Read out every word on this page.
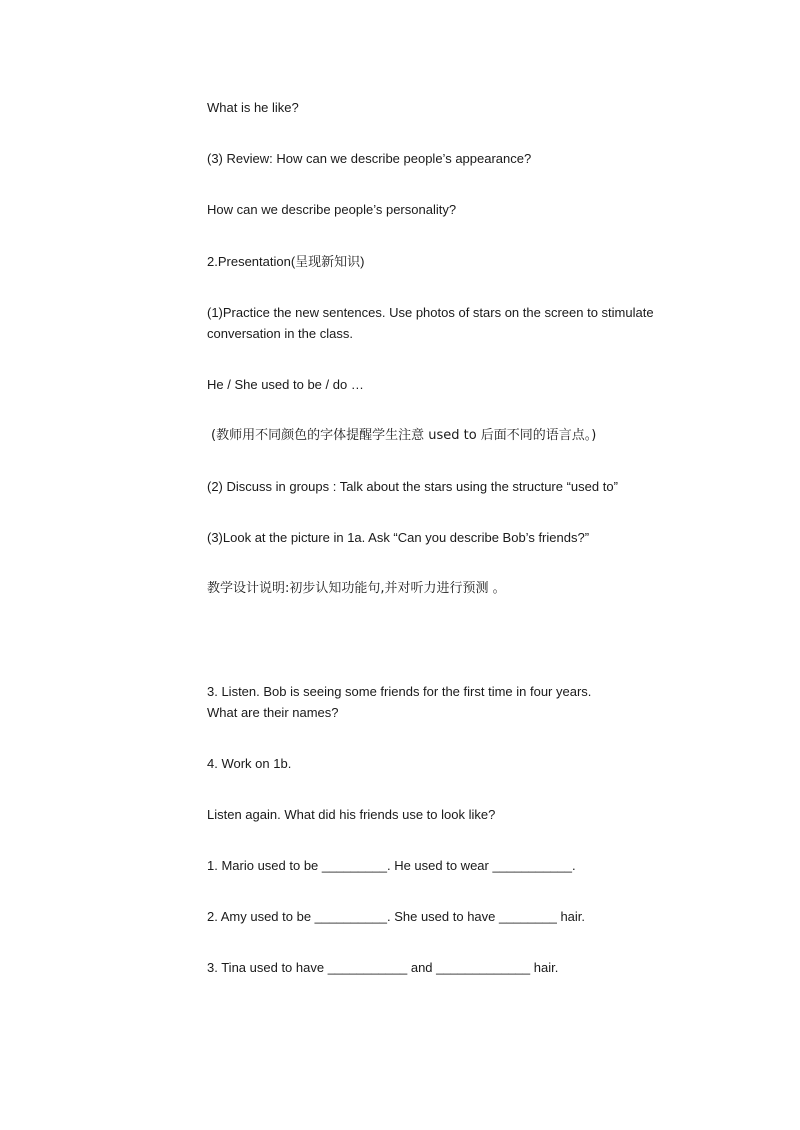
What is he like?
(3) Review: How can we describe people’s appearance?
How can we describe people’s personality?
2.Presentation(呈现新知识)
(1)Practice the new sentences. Use photos of stars on the screen to stimulate
conversation in the class.
He / She used to be / do …
(教师用不同颜色的字体提醒学生注意 used to 后面不同的语言点。)
(2) Discuss in groups : Talk about the stars using the structure “used to”
(3)Look at the picture in 1a. Ask “Can you describe Bob’s friends?”
教学设计说明:初步认知功能句,并对听力进行预测 。
3. Listen. Bob is seeing some friends for the first time in four years.
What are their names?
4. Work on 1b.
Listen again. What did his friends use to look like?
1. Mario used to be _________. He used to wear ___________.
2. Amy used to be __________. She used to have ________ hair.
3. Tina used to have ___________ and _____________ hair.
